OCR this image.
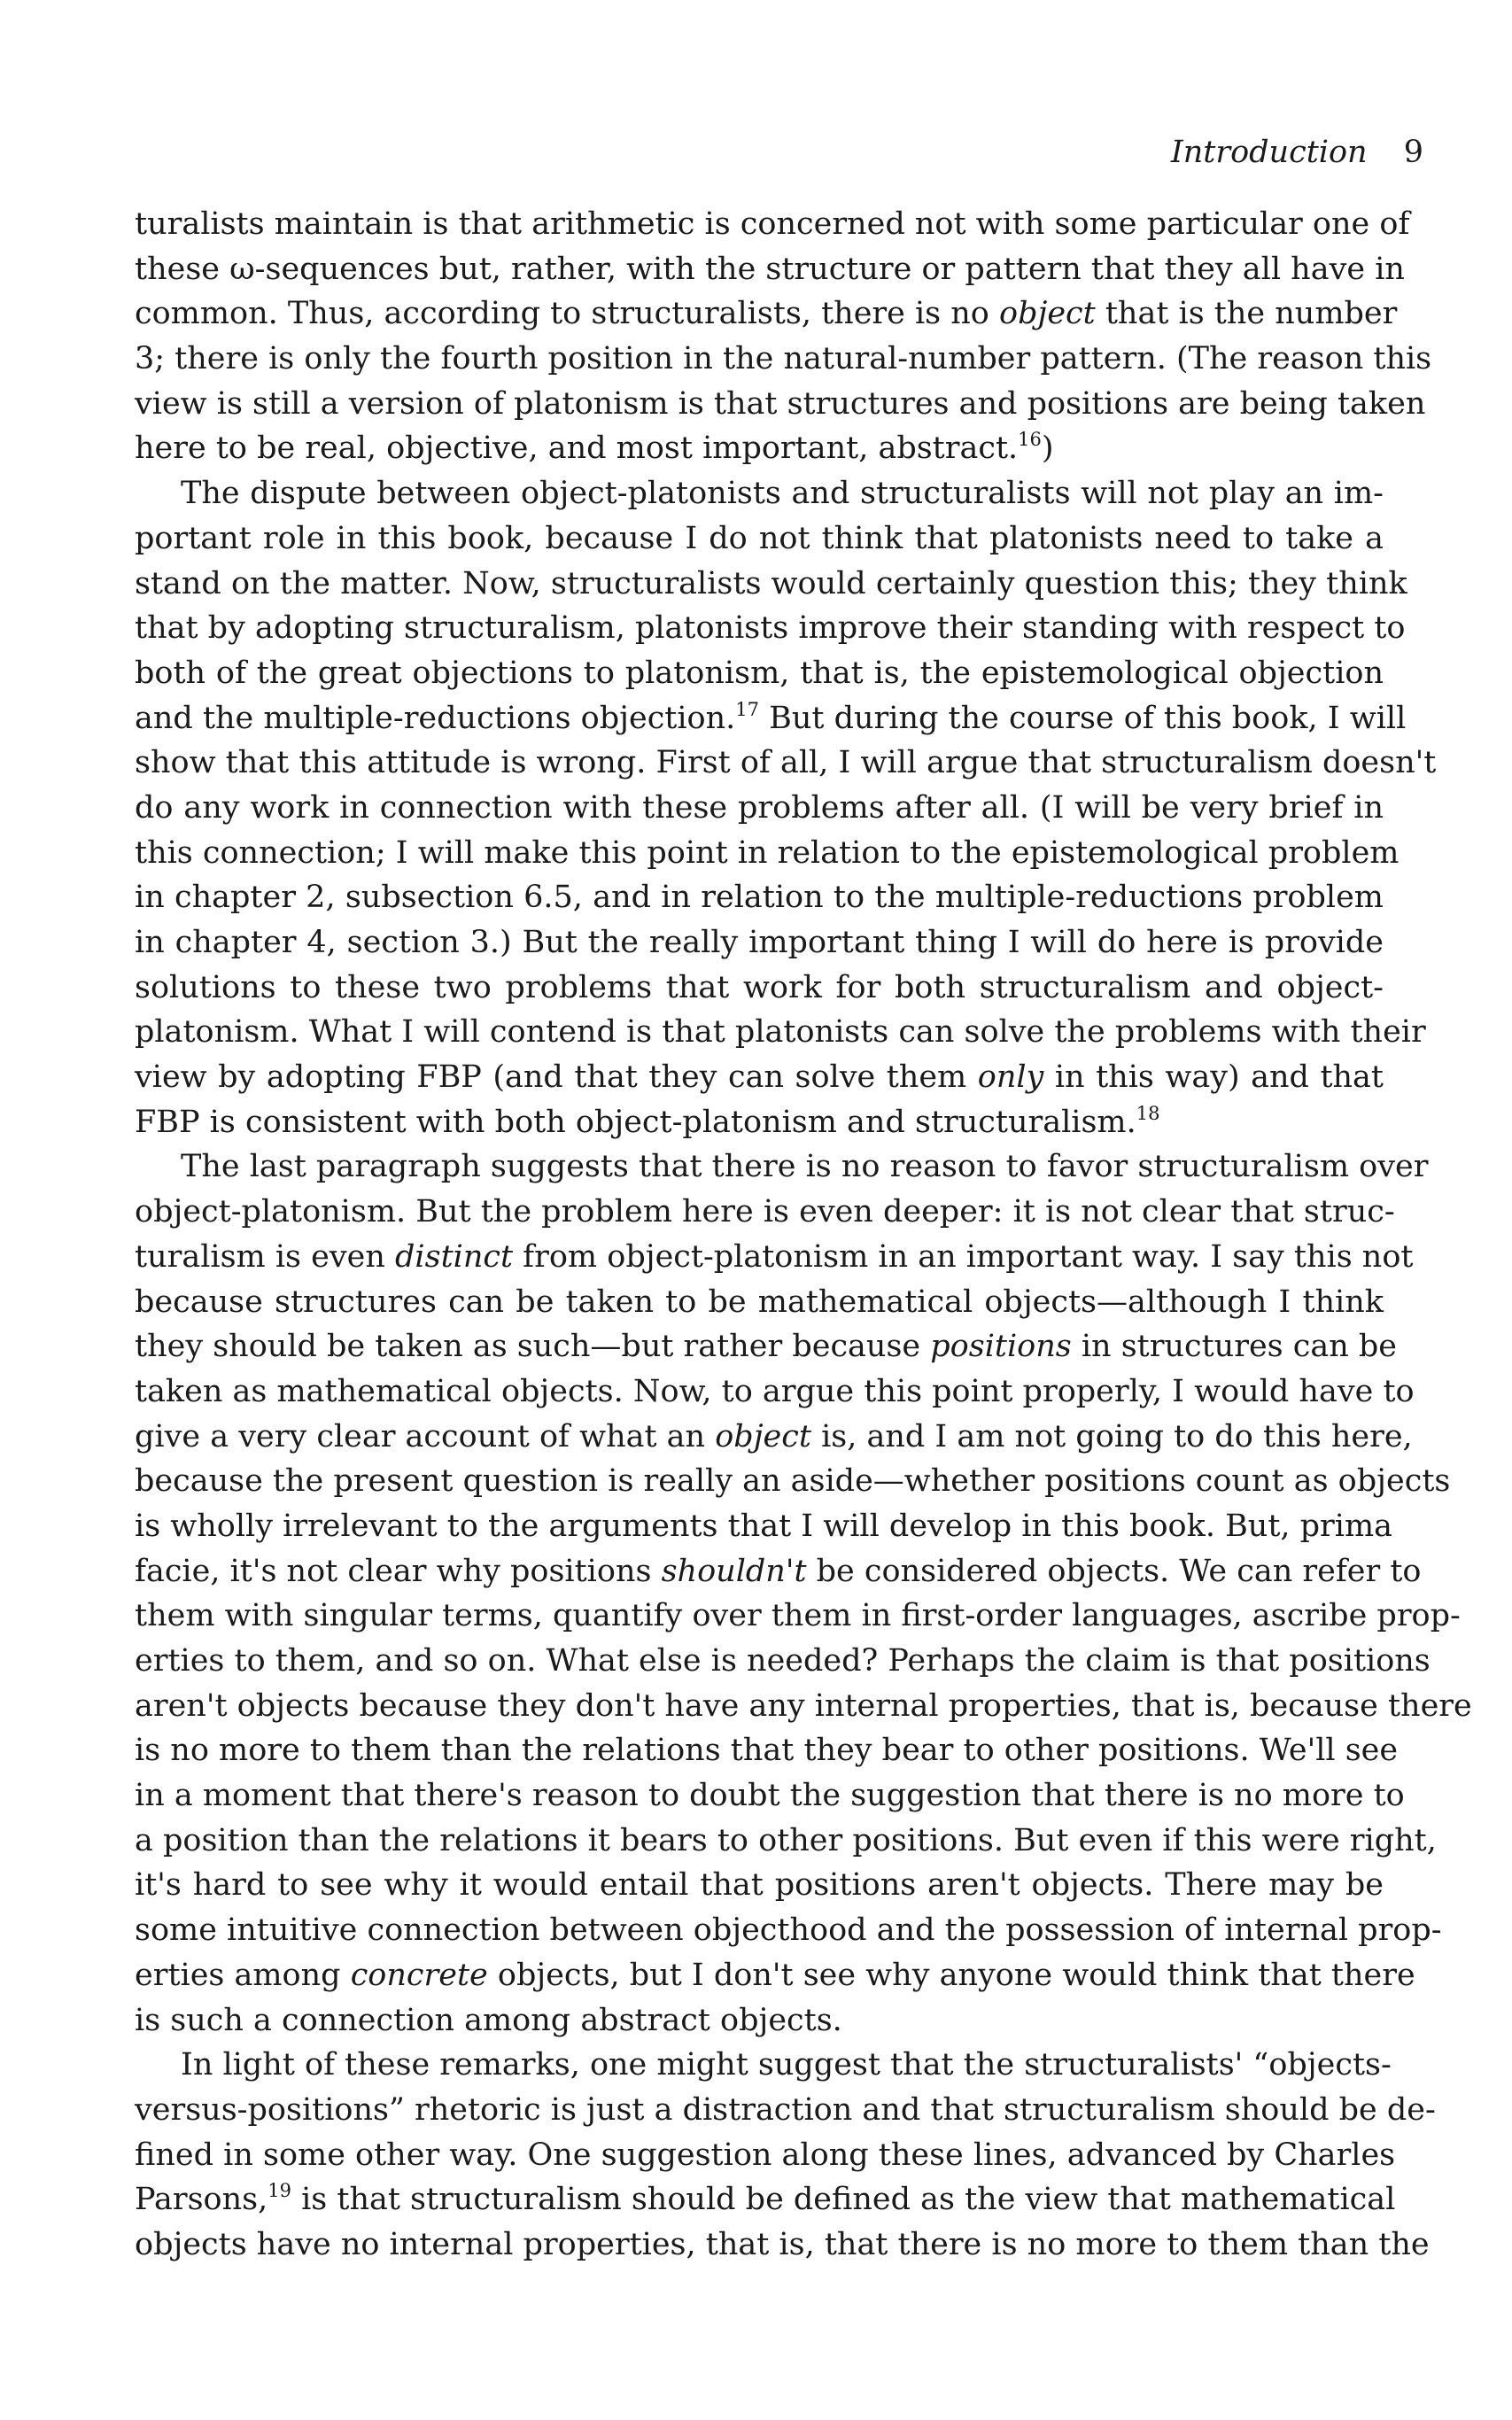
Introduction 9
turalists maintain is that arithmetic is concerned not with some particular one of
these ω-sequences but, rather, with the structure or pattern that they all have in
common. Thus, according to structuralists, there is no object that is the number
3; there is only the fourth position in the natural-number pattern. (The reason this
view is still a version of platonism is that structures and positions are being taken
here to be real, objective, and most important, abstract.$^{16}$)
The dispute between object-platonists and structuralists will not play an im-
portant role in this book, because I do not think that platonists need to take a
stand on the matter. Now, structuralists would certainly question this; they think
that by adopting structuralism, platonists improve their standing with respect to
both of the great objections to platonism, that is, the epistemological objection
and the multiple-reductions objection.$^{17}$ But during the course of this book, I will
show that this attitude is wrong. First of all, I will argue that structuralism doesn't
do any work in connection with these problems after all. (I will be very brief in
this connection; I will make this point in relation to the epistemological problem
in chapter 2, subsection 6.5, and in relation to the multiple-reductions problem
in chapter 4, section 3.) But the really important thing I will do here is provide
solutions to these two problems that work for both structuralism and object-
platonism. What I will contend is that platonists can solve the problems with their
view by adopting FBP (and that they can solve them only in this way) and that
FBP is consistent with both object-platonism and structuralism.$^{18}$
The last paragraph suggests that there is no reason to favor structuralism over
object-platonism. But the problem here is even deeper: it is not clear that struc-
turalism is even distinct from object-platonism in an important way. I say this not
because structures can be taken to be mathematical objects—although I think
they should be taken as such—but rather because positions in structures can be
taken as mathematical objects. Now, to argue this point properly, I would have to
give a very clear account of what an object is, and I am not going to do this here,
because the present question is really an aside—whether positions count as objects
is wholly irrelevant to the arguments that I will develop in this book. But, prima
facie, it's not clear why positions shouldn't be considered objects. We can refer to
them with singular terms, quantify over them in first-order languages, ascribe prop-
erties to them, and so on. What else is needed? Perhaps the claim is that positions
aren't objects because they don't have any internal properties, that is, because there
is no more to them than the relations that they bear to other positions. We'll see
in a moment that there's reason to doubt the suggestion that there is no more to
a position than the relations it bears to other positions. But even if this were right,
it's hard to see why it would entail that positions aren't objects. There may be
some intuitive connection between objecthood and the possession of internal prop-
erties among concrete objects, but I don't see why anyone would think that there
is such a connection among abstract objects.
In light of these remarks, one might suggest that the structuralists' “objects-
versus-positions” rhetoric is just a distraction and that structuralism should be de-
fined in some other way. One suggestion along these lines, advanced by Charles
Parsons,$^{19}$ is that structuralism should be defined as the view that mathematical
objects have no internal properties, that is, that there is no more to them than the
